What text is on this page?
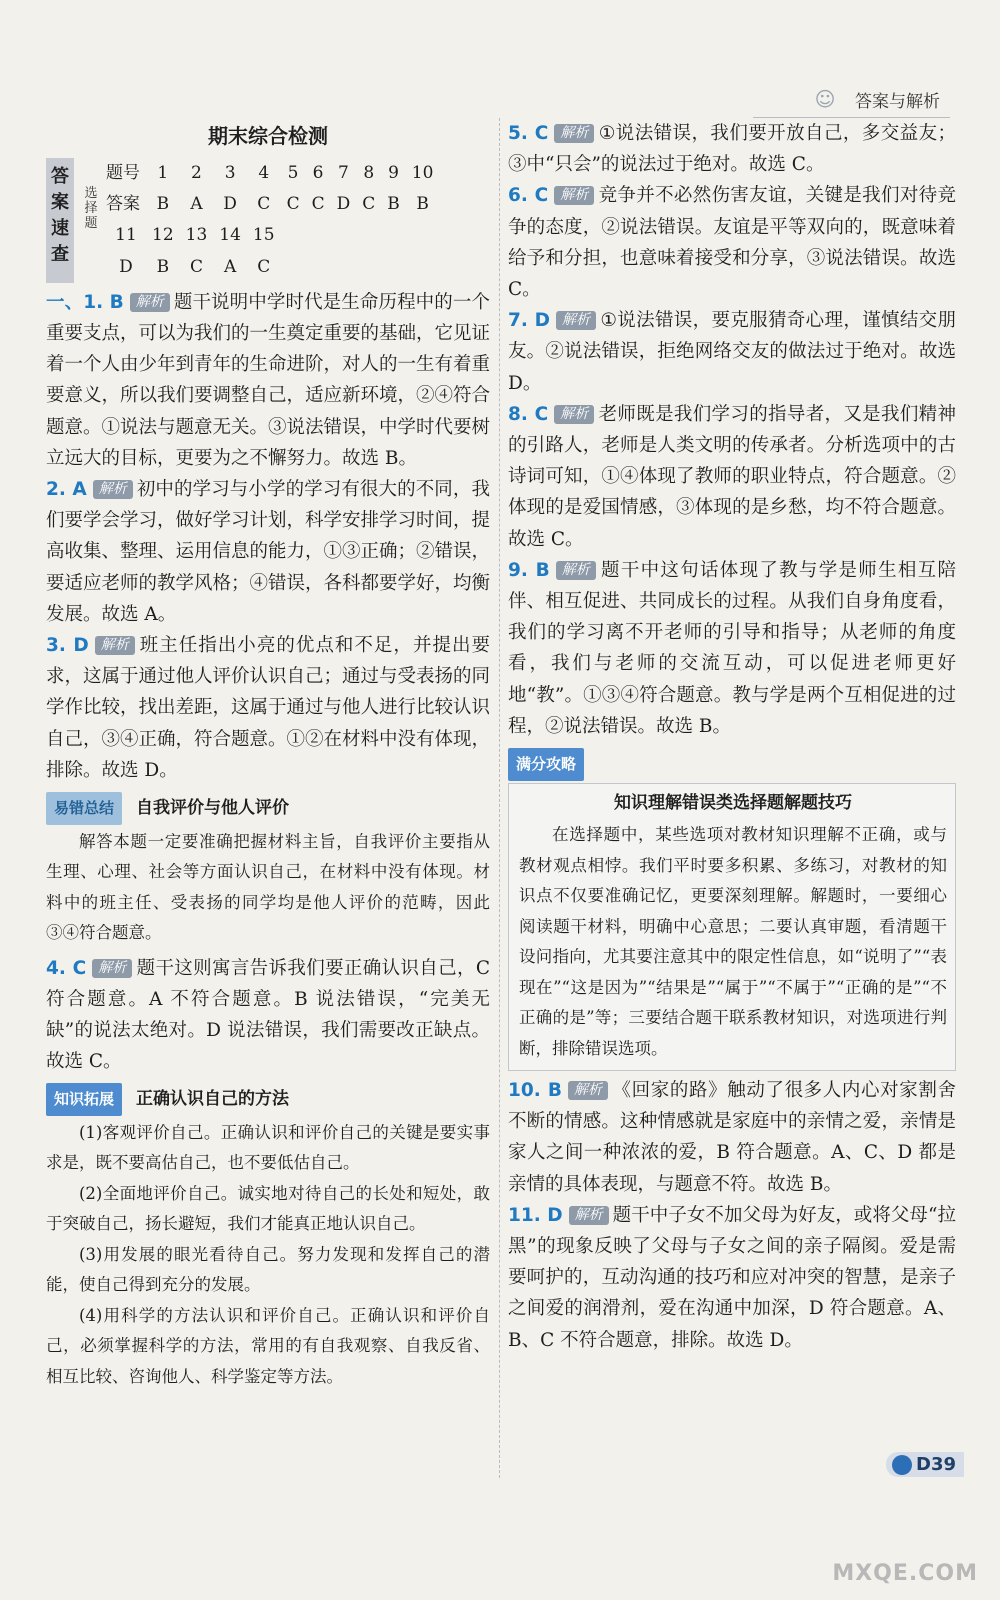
☺	答案与解析
期末综合检测
答案速查
选择题
题号	1	2	3	4	5	6	7	8	9	10
答案	B	A	D	C	C	C	D	C	B	B
11	12	13	14	15						
D	B	C	A	C						

一、1. B 解析 题干说明中学时代是生命历程中的一个重要支点，可以为我们的一生奠定重要的基础，它见证着一个人由少年到青年的生命进阶，对人的一生有着重要意义，所以我们要调整自己，适应新环境，②④符合题意。①说法与题意无关。③说法错误，中学时代要树立远大的目标，更要为之不懈努力。故选 B。

2. A 解析 初中的学习与小学的学习有很大的不同，我们要学会学习，做好学习计划，科学安排学习时间，提高收集、整理、运用信息的能力，①③正确；②错误，要适应老师的教学风格；④错误，各科都要学好，均衡发展。故选 A。

3. D 解析 班主任指出小亮的优点和不足，并提出要求，这属于通过他人评价认识自己；通过与受表扬的同学作比较，找出差距，这属于通过与他人进行比较认识自己，③④正确，符合题意。①②在材料中没有体现，排除。故选 D。

易错总结	自我评价与他人评价

解答本题一定要准确把握材料主旨，自我评价主要指从生理、心理、社会等方面认识自己，在材料中没有体现。材料中的班主任、受表扬的同学均是他人评价的范畴，因此③④符合题意。

4. C 解析 题干这则寓言告诉我们要正确认识自己，C 符合题意。A 不符合题意。B 说法错误，“完美无缺”的说法太绝对。D 说法错误，我们需要改正缺点。故选 C。

知识拓展	正确认识自己的方法

(1)客观评价自己。正确认识和评价自己的关键是要实事求是，既不要高估自己，也不要低估自己。

(2)全面地评价自己。诚实地对待自己的长处和短处，敢于突破自己，扬长避短，我们才能真正地认识自己。

(3)用发展的眼光看待自己。努力发现和发挥自己的潜能，使自己得到充分的发展。

(4)用科学的方法认识和评价自己。正确认识和评价自己，必须掌握科学的方法，常用的有自我观察、自我反省、相互比较、咨询他人、科学鉴定等方法。

5. C 解析 ①说法错误，我们要开放自己，多交益友；③中“只会”的说法过于绝对。故选 C。

6. C 解析 竞争并不必然伤害友谊，关键是我们对待竞争的态度，②说法错误。友谊是平等双向的，既意味着给予和分担，也意味着接受和分享，③说法错误。故选 C。

7. D 解析 ①说法错误，要克服猜奇心理，谨慎结交朋友。②说法错误，拒绝网络交友的做法过于绝对。故选 D。

8. C 解析 老师既是我们学习的指导者，又是我们精神的引路人，老师是人类文明的传承者。分析选项中的古诗词可知，①④体现了教师的职业特点，符合题意。②体现的是爱国情感，③体现的是乡愁，均不符合题意。故选 C。

9. B 解析 题干中这句话体现了教与学是师生相互陪伴、相互促进、共同成长的过程。从我们自身角度看，我们的学习离不开老师的引导和指导；从老师的角度看，我们与老师的交流互动，可以促进老师更好地“教”。①③④符合题意。教与学是两个互相促进的过程，②说法错误。故选 B。

满分攻略
知识理解错误类选择题解题技巧

在选择题中，某些选项对教材知识理解不正确，或与教材观点相悖。我们平时要多积累、多练习，对教材的知识点不仅要准确记忆，更要深刻理解。解题时，一要细心阅读题干材料，明确中心意思；二要认真审题，看清题干设问指向，尤其要注意其中的限定性信息，如“说明了”“表现在”“这是因为”“结果是”“属于”“不属于”“正确的是”“不正确的是”等；三要结合题干联系教材知识，对选项进行判断，排除错误选项。

10. B 解析 《回家的路》触动了很多人内心对家割舍不断的情感。这种情感就是家庭中的亲情之爱，亲情是家人之间一种浓浓的爱，B 符合题意。A、C、D 都是亲情的具体表现，与题意不符。故选 B。

11. D 解析 题干中子女不加父母为好友，或将父母“拉黑”的现象反映了父母与子女之间的亲子隔阂。爱是需要呵护的，互动沟通的技巧和应对冲突的智慧，是亲子之间爱的润滑剂，爱在沟通中加深，D 符合题意。A、B、C 不符合题意，排除。故选 D。

D39
MXQE.COM
